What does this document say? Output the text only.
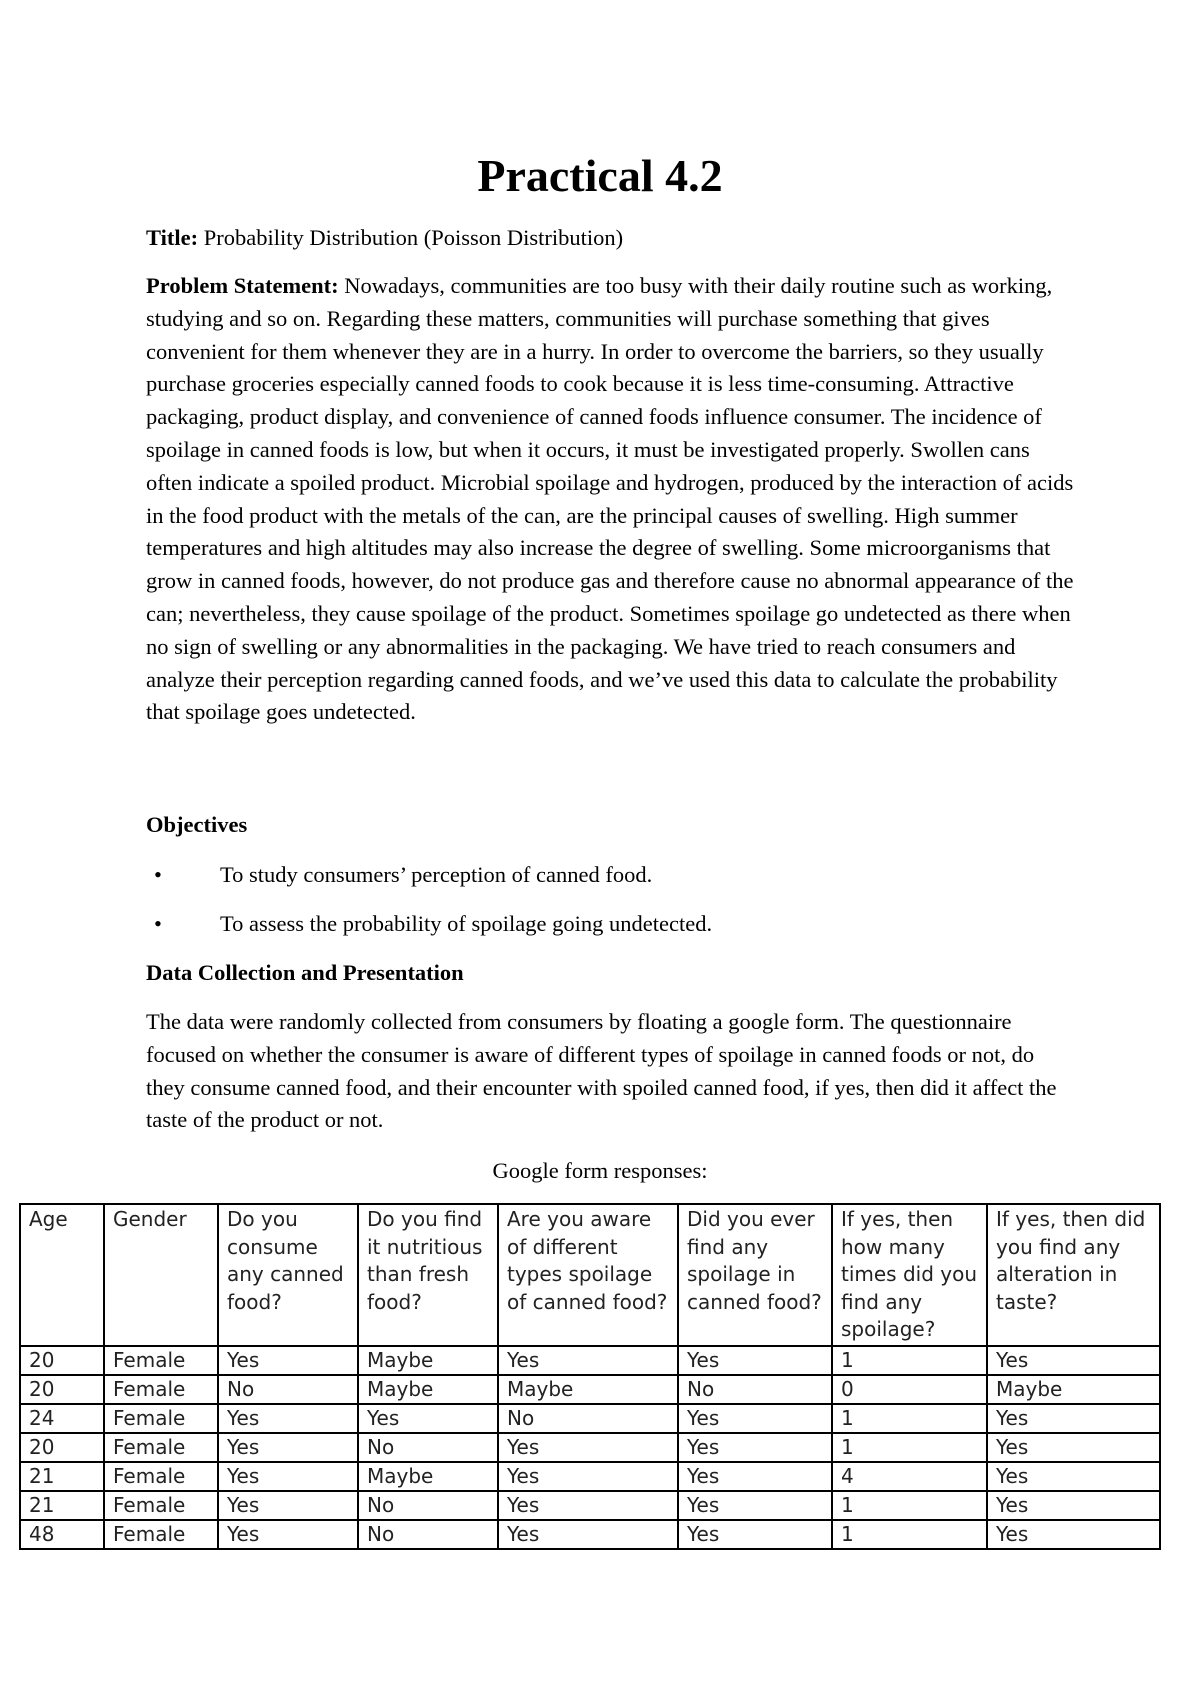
Practical 4.2
Title: Probability Distribution (Poisson Distribution)
Problem Statement: Nowadays, communities are too busy with their daily routine such as working, studying and so on. Regarding these matters, communities will purchase something that gives convenient for them whenever they are in a hurry. In order to overcome the barriers, so they usually purchase groceries especially canned foods to cook because it is less time-consuming. Attractive packaging, product display, and convenience of canned foods influence consumer. The incidence of spoilage in canned foods is low, but when it occurs, it must be investigated properly. Swollen cans often indicate a spoiled product. Microbial spoilage and hydrogen, produced by the interaction of acids in the food product with the metals of the can, are the principal causes of swelling. High summer temperatures and high altitudes may also increase the degree of swelling. Some microorganisms that grow in canned foods, however, do not produce gas and therefore cause no abnormal appearance of the can; nevertheless, they cause spoilage of the product. Sometimes spoilage go undetected as there when no sign of swelling or any abnormalities in the packaging. We have tried to reach consumers and analyze their perception regarding canned foods, and we’ve used this data to calculate the probability that spoilage goes undetected.
Objectives
•	To study consumers’ perception of canned food.
•	To assess the probability of spoilage going undetected.
Data Collection and Presentation
The data were randomly collected from consumers by floating a google form. The questionnaire focused on whether the consumer is aware of different types of spoilage in canned foods or not, do they consume canned food, and their encounter with spoiled canned food, if yes, then did it affect the taste of the product or not.
Google form responses:
Age	Gender	Do you consume any canned food?	Do you find it nutritious than fresh food?	Are you aware of different types spoilage of canned food?	Did you ever find any spoilage in canned food?	If yes, then how many times did you find any spoilage?	If yes, then did you find any alteration in taste?
20	Female	Yes	Maybe	Yes	Yes	1	Yes
20	Female	No	Maybe	Maybe	No	0	Maybe
24	Female	Yes	Yes	No	Yes	1	Yes
20	Female	Yes	No	Yes	Yes	1	Yes
21	Female	Yes	Maybe	Yes	Yes	4	Yes
21	Female	Yes	No	Yes	Yes	1	Yes
48	Female	Yes	No	Yes	Yes	1	Yes
